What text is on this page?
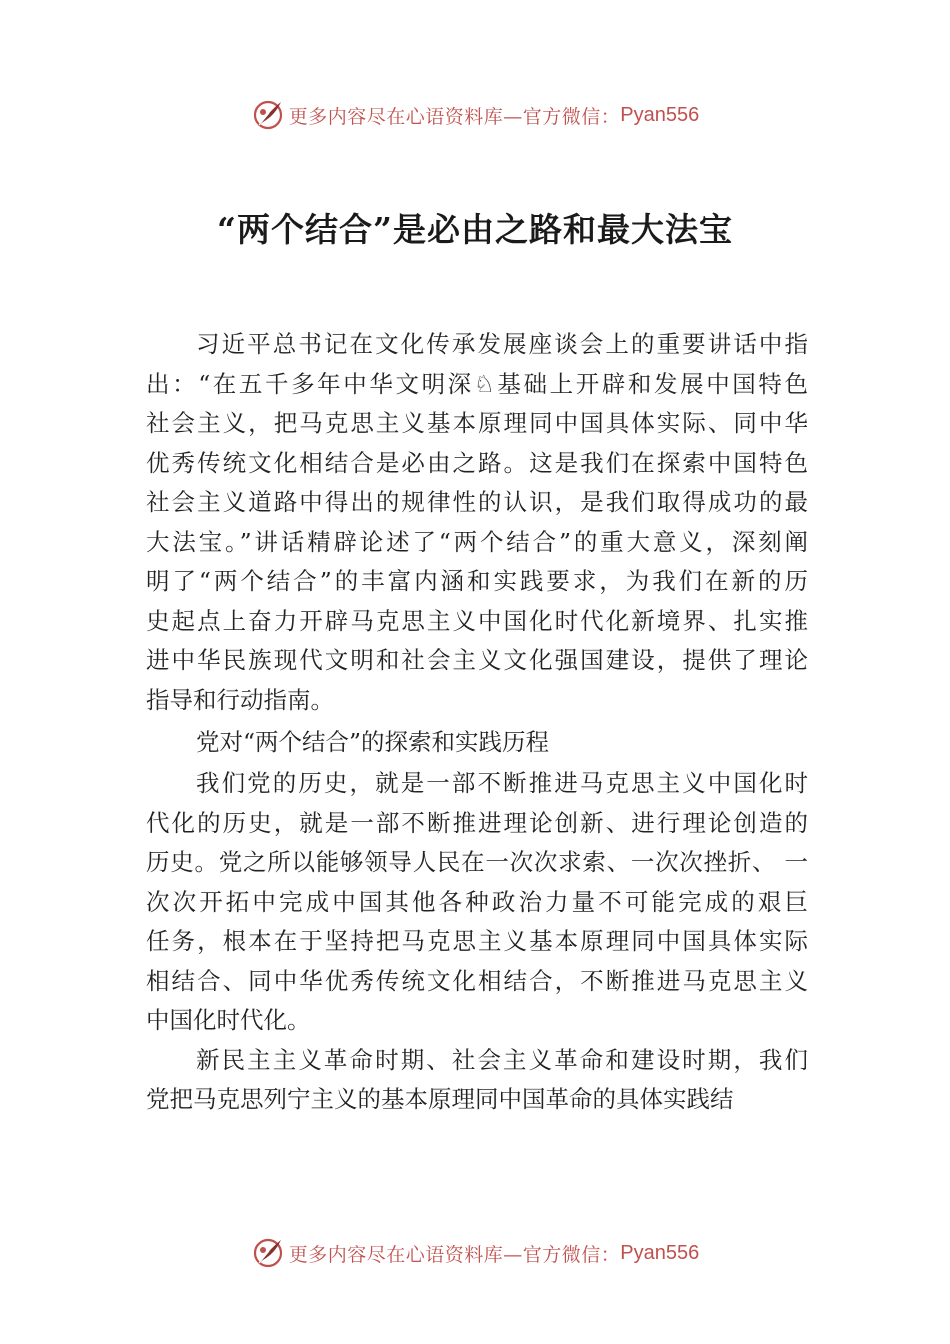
更多内容尽在心语资料库—官方微信： Pyan556
“两个结合”是必由之路和最大法宝
习近平总书记在文化传承发展座谈会上的重要讲话中指
出：“在五千多年中华文明深♘基础上开辟和发展中国特色
社会主义，把马克思主义基本原理同中国具体实际、同中华
优秀传统文化相结合是必由之路。这是我们在探索中国特色
社会主义道路中得出的规律性的认识，是我们取得成功的最
大法宝。”讲话精辟论述了“两个结合”的重大意义，深刻阐
明了“两个结合”的丰富内涵和实践要求，为我们在新的历
史起点上奋力开辟马克思主义中国化时代化新境界、扎实推
进中华民族现代文明和社会主义文化强国建设，提供了理论
指导和行动指南。
党对“两个结合”的探索和实践历程
我们党的历史，就是一部不断推进马克思主义中国化时
代化的历史，就是一部不断推进理论创新、进行理论创造的
历史。党之所以能够领导人民在一次次求索、一次次挫折、 一
次次开拓中完成中国其他各种政治力量不可能完成的艰巨
任务，根本在于坚持把马克思主义基本原理同中国具体实际
相结合、同中华优秀传统文化相结合，不断推进马克思主义
中国化时代化。
新民主主义革命时期、社会主义革命和建设时期，我们
党把马克思列宁主义的基本原理同中国革命的具体实践结
更多内容尽在心语资料库—官方微信： Pyan556
